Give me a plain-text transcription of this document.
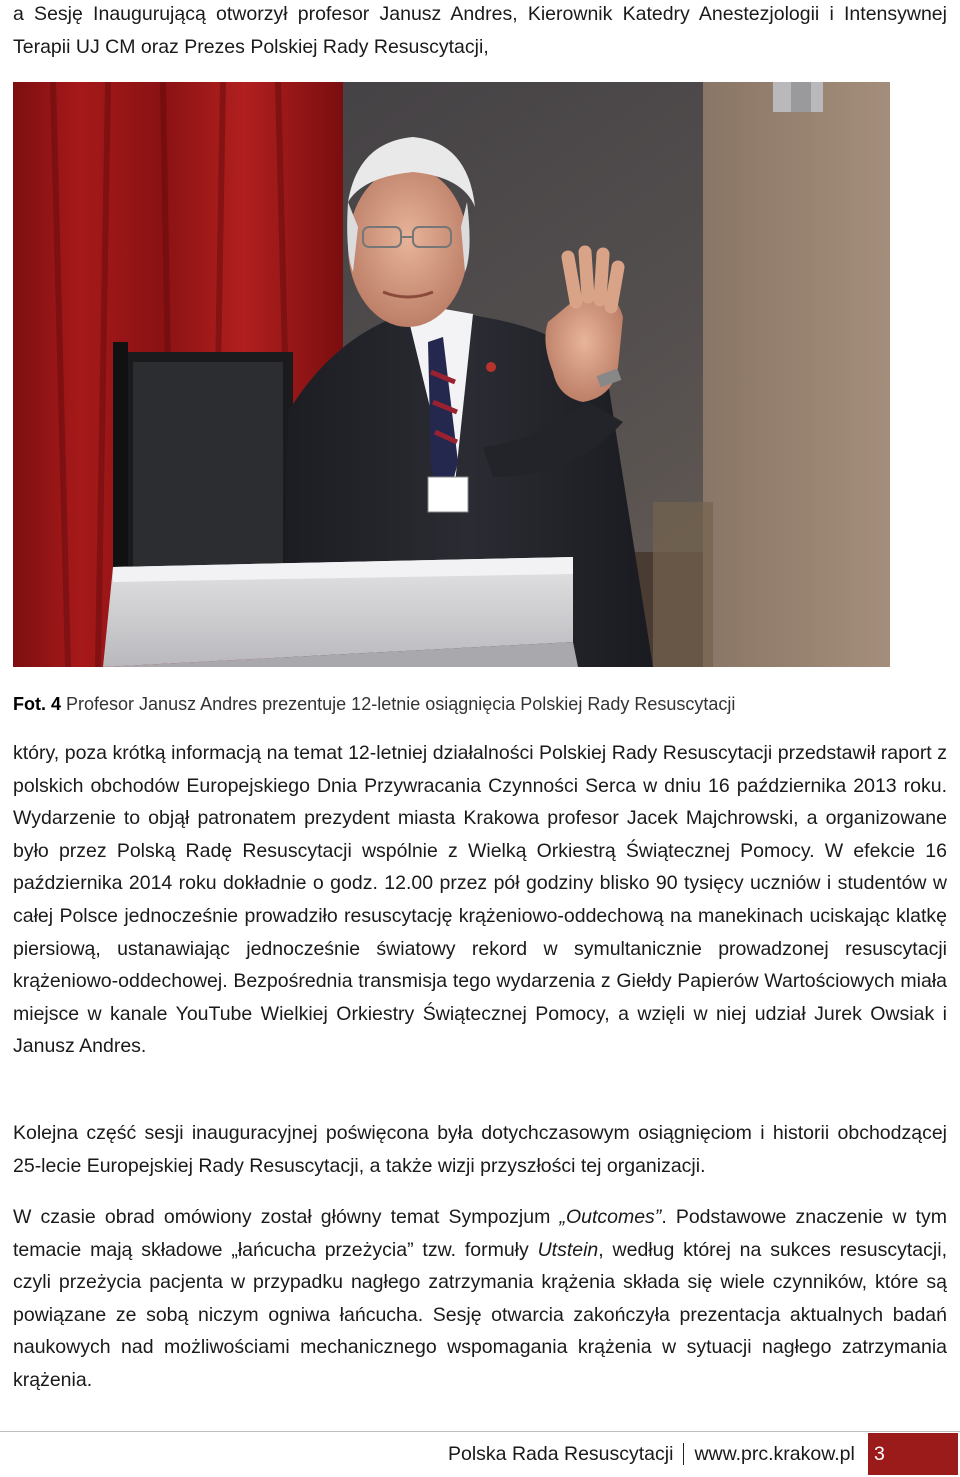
a Sesję Inaugurującą otworzył profesor Janusz Andres, Kierownik Katedry Anestezjologii i Intensywnej Terapii UJ CM oraz Prezes Polskiej Rady Resuscytacji,

Fot. 4 Profesor Janusz Andres prezentuje 12-letnie osiągnięcia Polskiej Rady Resuscytacji

który, poza krótką informacją na temat 12-letniej działalności Polskiej Rady Resuscytacji przedstawił raport z polskich obchodów Europejskiego Dnia Przywracania Czynności Serca w dniu 16 października 2013 roku. Wydarzenie to objął patronatem prezydent miasta Krakowa profesor Jacek Majchrowski, a organizowane było przez Polską Radę Resuscytacji wspólnie z Wielką Orkiestrą Świątecznej Pomocy. W efekcie 16 października 2014 roku dokładnie o godz. 12.00 przez pół godziny blisko 90 tysięcy uczniów i studentów w całej Polsce jednocześnie prowadziło resuscytację krążeniowo-oddechową na manekinach uciskając klatkę piersiową, ustanawiając jednocześnie światowy rekord w symultanicznie prowadzonej resuscytacji krążeniowo-oddechowej. Bezpośrednia transmisja tego wydarzenia z Giełdy Papierów Wartościowych miała miejsce w kanale YouTube Wielkiej Orkiestry Świątecznej Pomocy, a wzięli w niej udział Jurek Owsiak i Janusz Andres.

Kolejna część sesji inauguracyjnej poświęcona była dotychczasowym osiągnięciom i historii obchodzącej 25-lecie Europejskiej Rady Resuscytacji, a także wizji przyszłości tej organizacji.

W czasie obrad omówiony został główny temat Sympozjum „Outcomes”. Podstawowe znaczenie w tym temacie mają składowe „łańcucha przeżycia” tzw. formuły Utstein, według której na sukces resuscytacji, czyli przeżycia pacjenta w przypadku nagłego zatrzymania krążenia składa się wiele czynników, które są powiązane ze sobą niczym ogniwa łańcucha. Sesję otwarcia zakończyła prezentacja aktualnych badań naukowych nad możliwościami mechanicznego wspomagania krążenia w sytuacji nagłego zatrzymania krążenia.

Polska Rada Resuscytacji www.prc.krakow.pl 3
